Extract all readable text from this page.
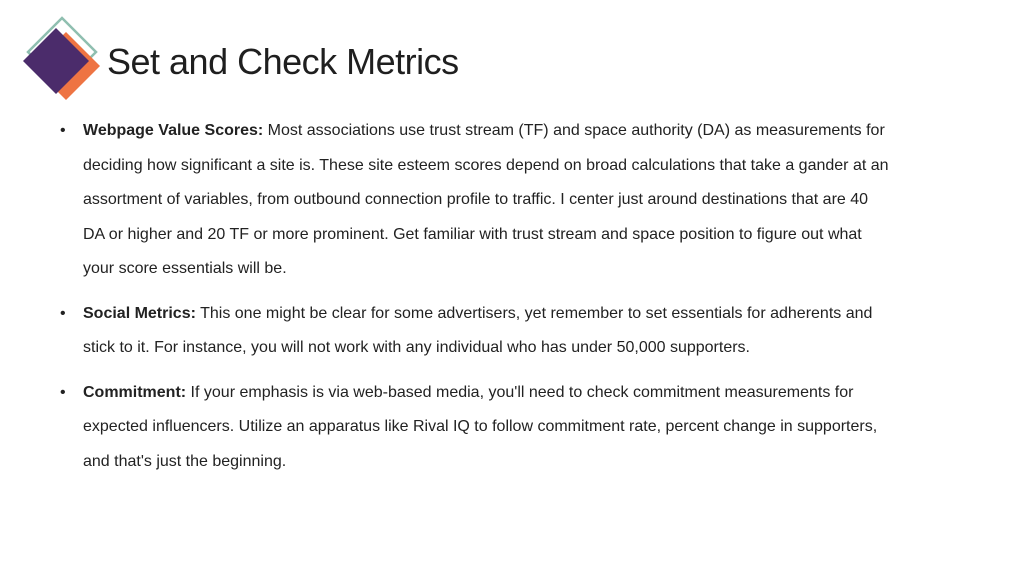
Set and Check Metrics
• Webpage Value Scores: Most associations use trust stream (TF) and space authority (DA) as measurements for deciding how significant a site is. These site esteem scores depend on broad calculations that take a gander at an assortment of variables, from outbound connection profile to traffic. I center just around destinations that are 40 DA or higher and 20 TF or more prominent. Get familiar with trust stream and space position to figure out what your score essentials will be.
• Social Metrics: This one might be clear for some advertisers, yet remember to set essentials for adherents and stick to it. For instance, you will not work with any individual who has under 50,000 supporters.
• Commitment: If your emphasis is via web-based media, you'll need to check commitment measurements for expected influencers. Utilize an apparatus like Rival IQ to follow commitment rate, percent change in supporters, and that's just the beginning.
